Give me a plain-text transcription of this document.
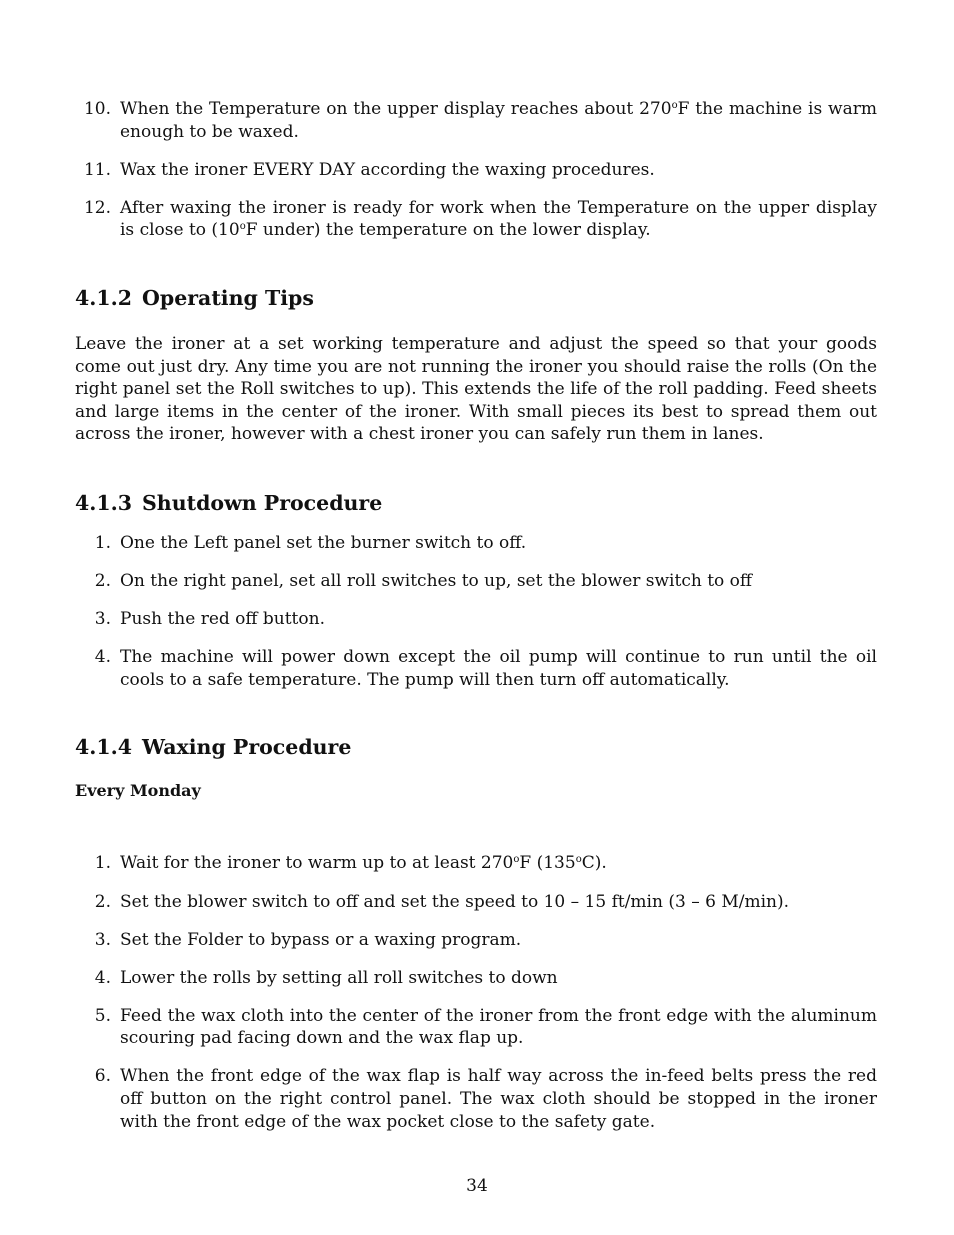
10. When the Temperature on the upper display reaches about 270$^o$F the machine is warm enough to be waxed.
11. Wax the ironer EVERY DAY according the waxing procedures.
12. After waxing the ironer is ready for work when the Temperature on the upper display is close to (10$^o$F under) the temperature on the lower display.
4.1.2 Operating Tips

Leave the ironer at a set working temperature and adjust the speed so that your goods come out just dry. Any time you are not running the ironer you should raise the rolls (On the right panel set the Roll switches to up). This extends the life of the roll padding. Feed sheets and large items in the center of the ironer. With small pieces its best to spread them out across the ironer, however with a chest ironer you can safely run them in lanes.

4.1.3 Shutdown Procedure
1. One the Left panel set the burner switch to off.
2. On the right panel, set all roll switches to up, set the blower switch to off
3. Push the red off button.
4. The machine will power down except the oil pump will continue to run until the oil cools to a safe temperature. The pump will then turn off automatically.
4.1.4 Waxing Procedure

Every Monday

1. Wait for the ironer to warm up to at least 270$^o$F (135$^o$C).
2. Set the blower switch to off and set the speed to 10 – 15 ft/min (3 – 6 M/min).
3. Set the Folder to bypass or a waxing program.
4. Lower the rolls by setting all roll switches to down
5. Feed the wax cloth into the center of the ironer from the front edge with the aluminum scouring pad facing down and the wax flap up.
6. When the front edge of the wax flap is half way across the in-feed belts press the red off button on the right control panel. The wax cloth should be stopped in the ironer with the front edge of the wax pocket close to the safety gate.
34
